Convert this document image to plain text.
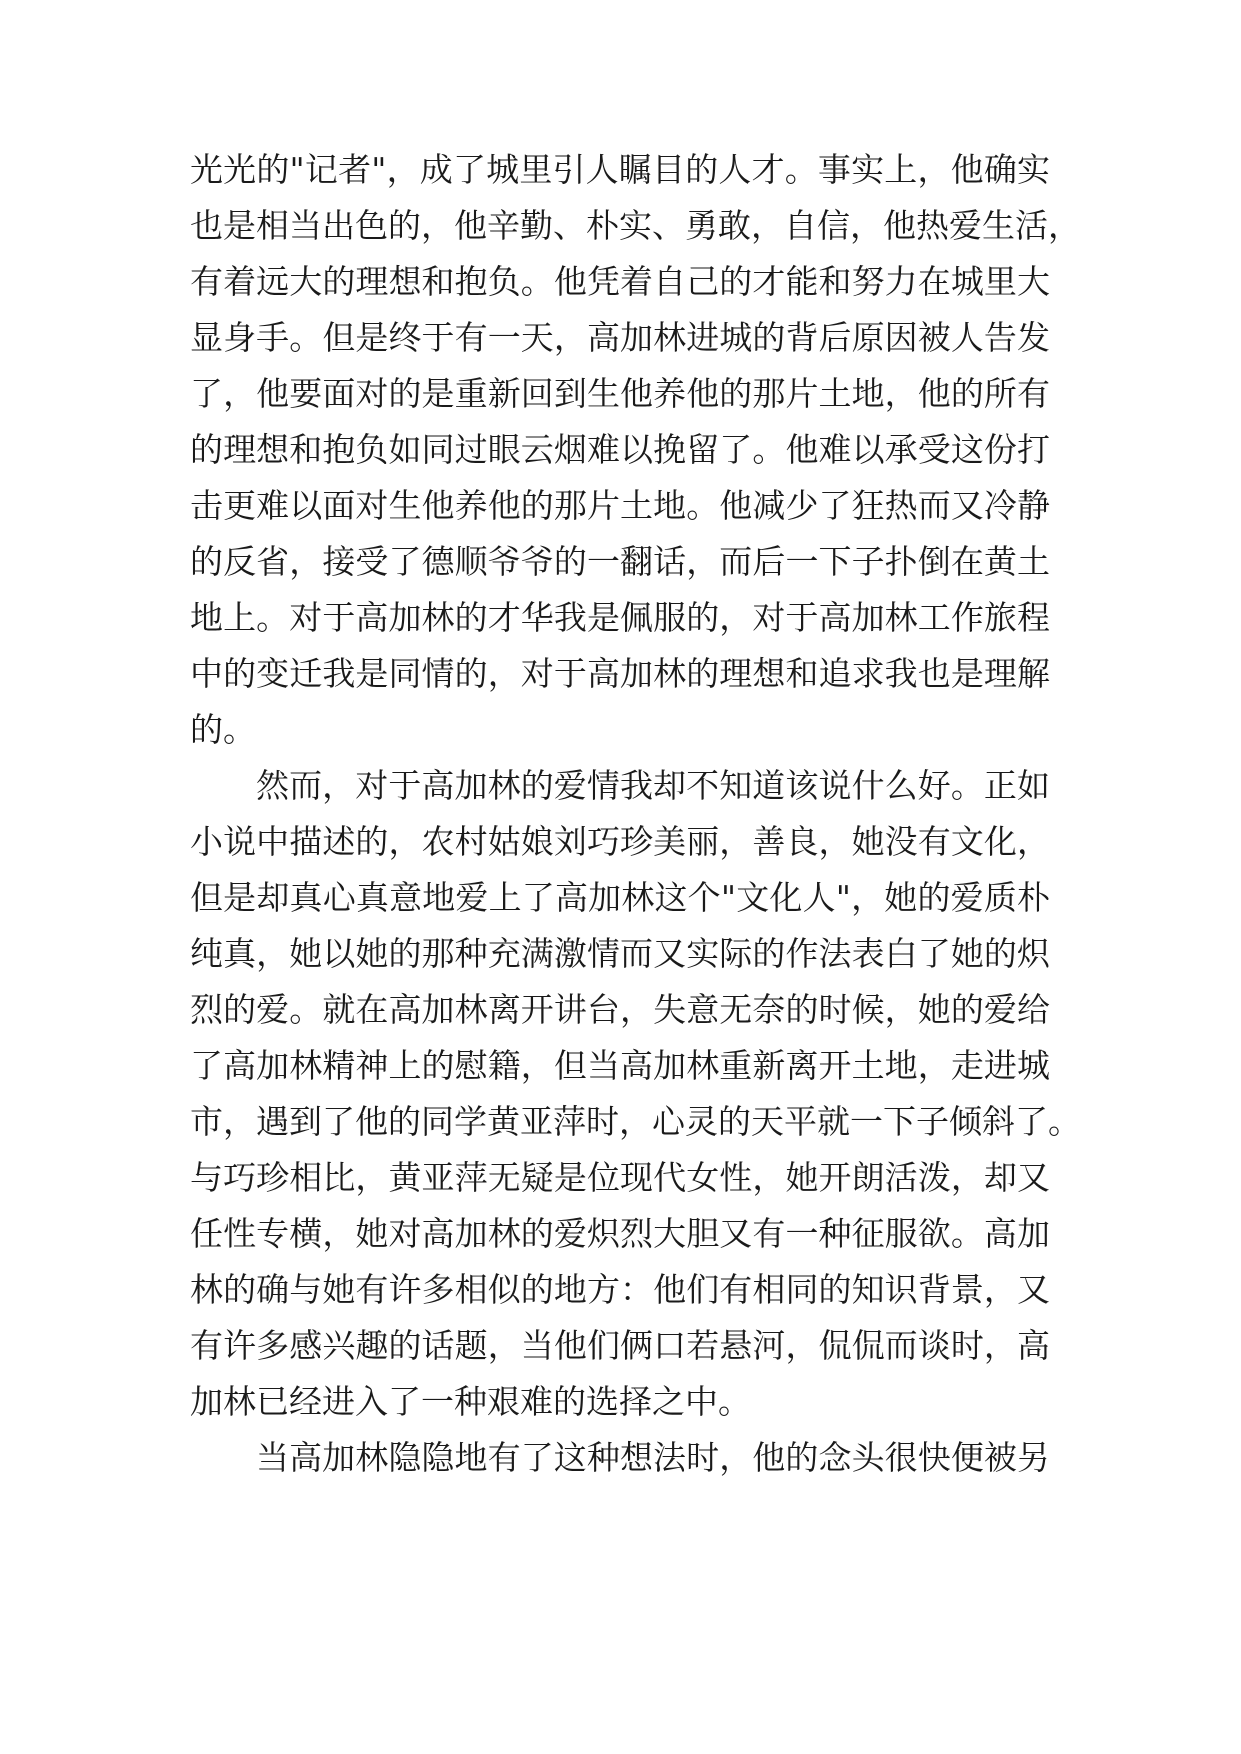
光光的"记者"，成了城里引人瞩目的人才。事实上，他确实
也是相当出色的，他辛勤、朴实、勇敢，自信，他热爱生活，
有着远大的理想和抱负。他凭着自己的才能和努力在城里大
显身手。但是终于有一天，高加林进城的背后原因被人告发
了，他要面对的是重新回到生他养他的那片土地，他的所有
的理想和抱负如同过眼云烟难以挽留了。他难以承受这份打
击更难以面对生他养他的那片土地。他减少了狂热而又冷静
的反省，接受了德顺爷爷的一翻话，而后一下子扑倒在黄土
地上。对于高加林的才华我是佩服的，对于高加林工作旅程
中的变迁我是同情的，对于高加林的理想和追求我也是理解
的。
然而，对于高加林的爱情我却不知道该说什么好。正如
小说中描述的，农村姑娘刘巧珍美丽，善良，她没有文化，
但是却真心真意地爱上了高加林这个"文化人"，她的爱质朴
纯真，她以她的那种充满激情而又实际的作法表白了她的炽
烈的爱。就在高加林离开讲台，失意无奈的时候，她的爱给
了高加林精神上的慰籍，但当高加林重新离开土地，走进城
市，遇到了他的同学黄亚萍时，心灵的天平就一下子倾斜了。
与巧珍相比，黄亚萍无疑是位现代女性，她开朗活泼，却又
任性专横，她对高加林的爱炽烈大胆又有一种征服欲。高加
林的确与她有许多相似的地方：他们有相同的知识背景，又
有许多感兴趣的话题，当他们俩口若悬河，侃侃而谈时，高
加林已经进入了一种艰难的选择之中。
当高加林隐隐地有了这种想法时，他的念头很快便被另
